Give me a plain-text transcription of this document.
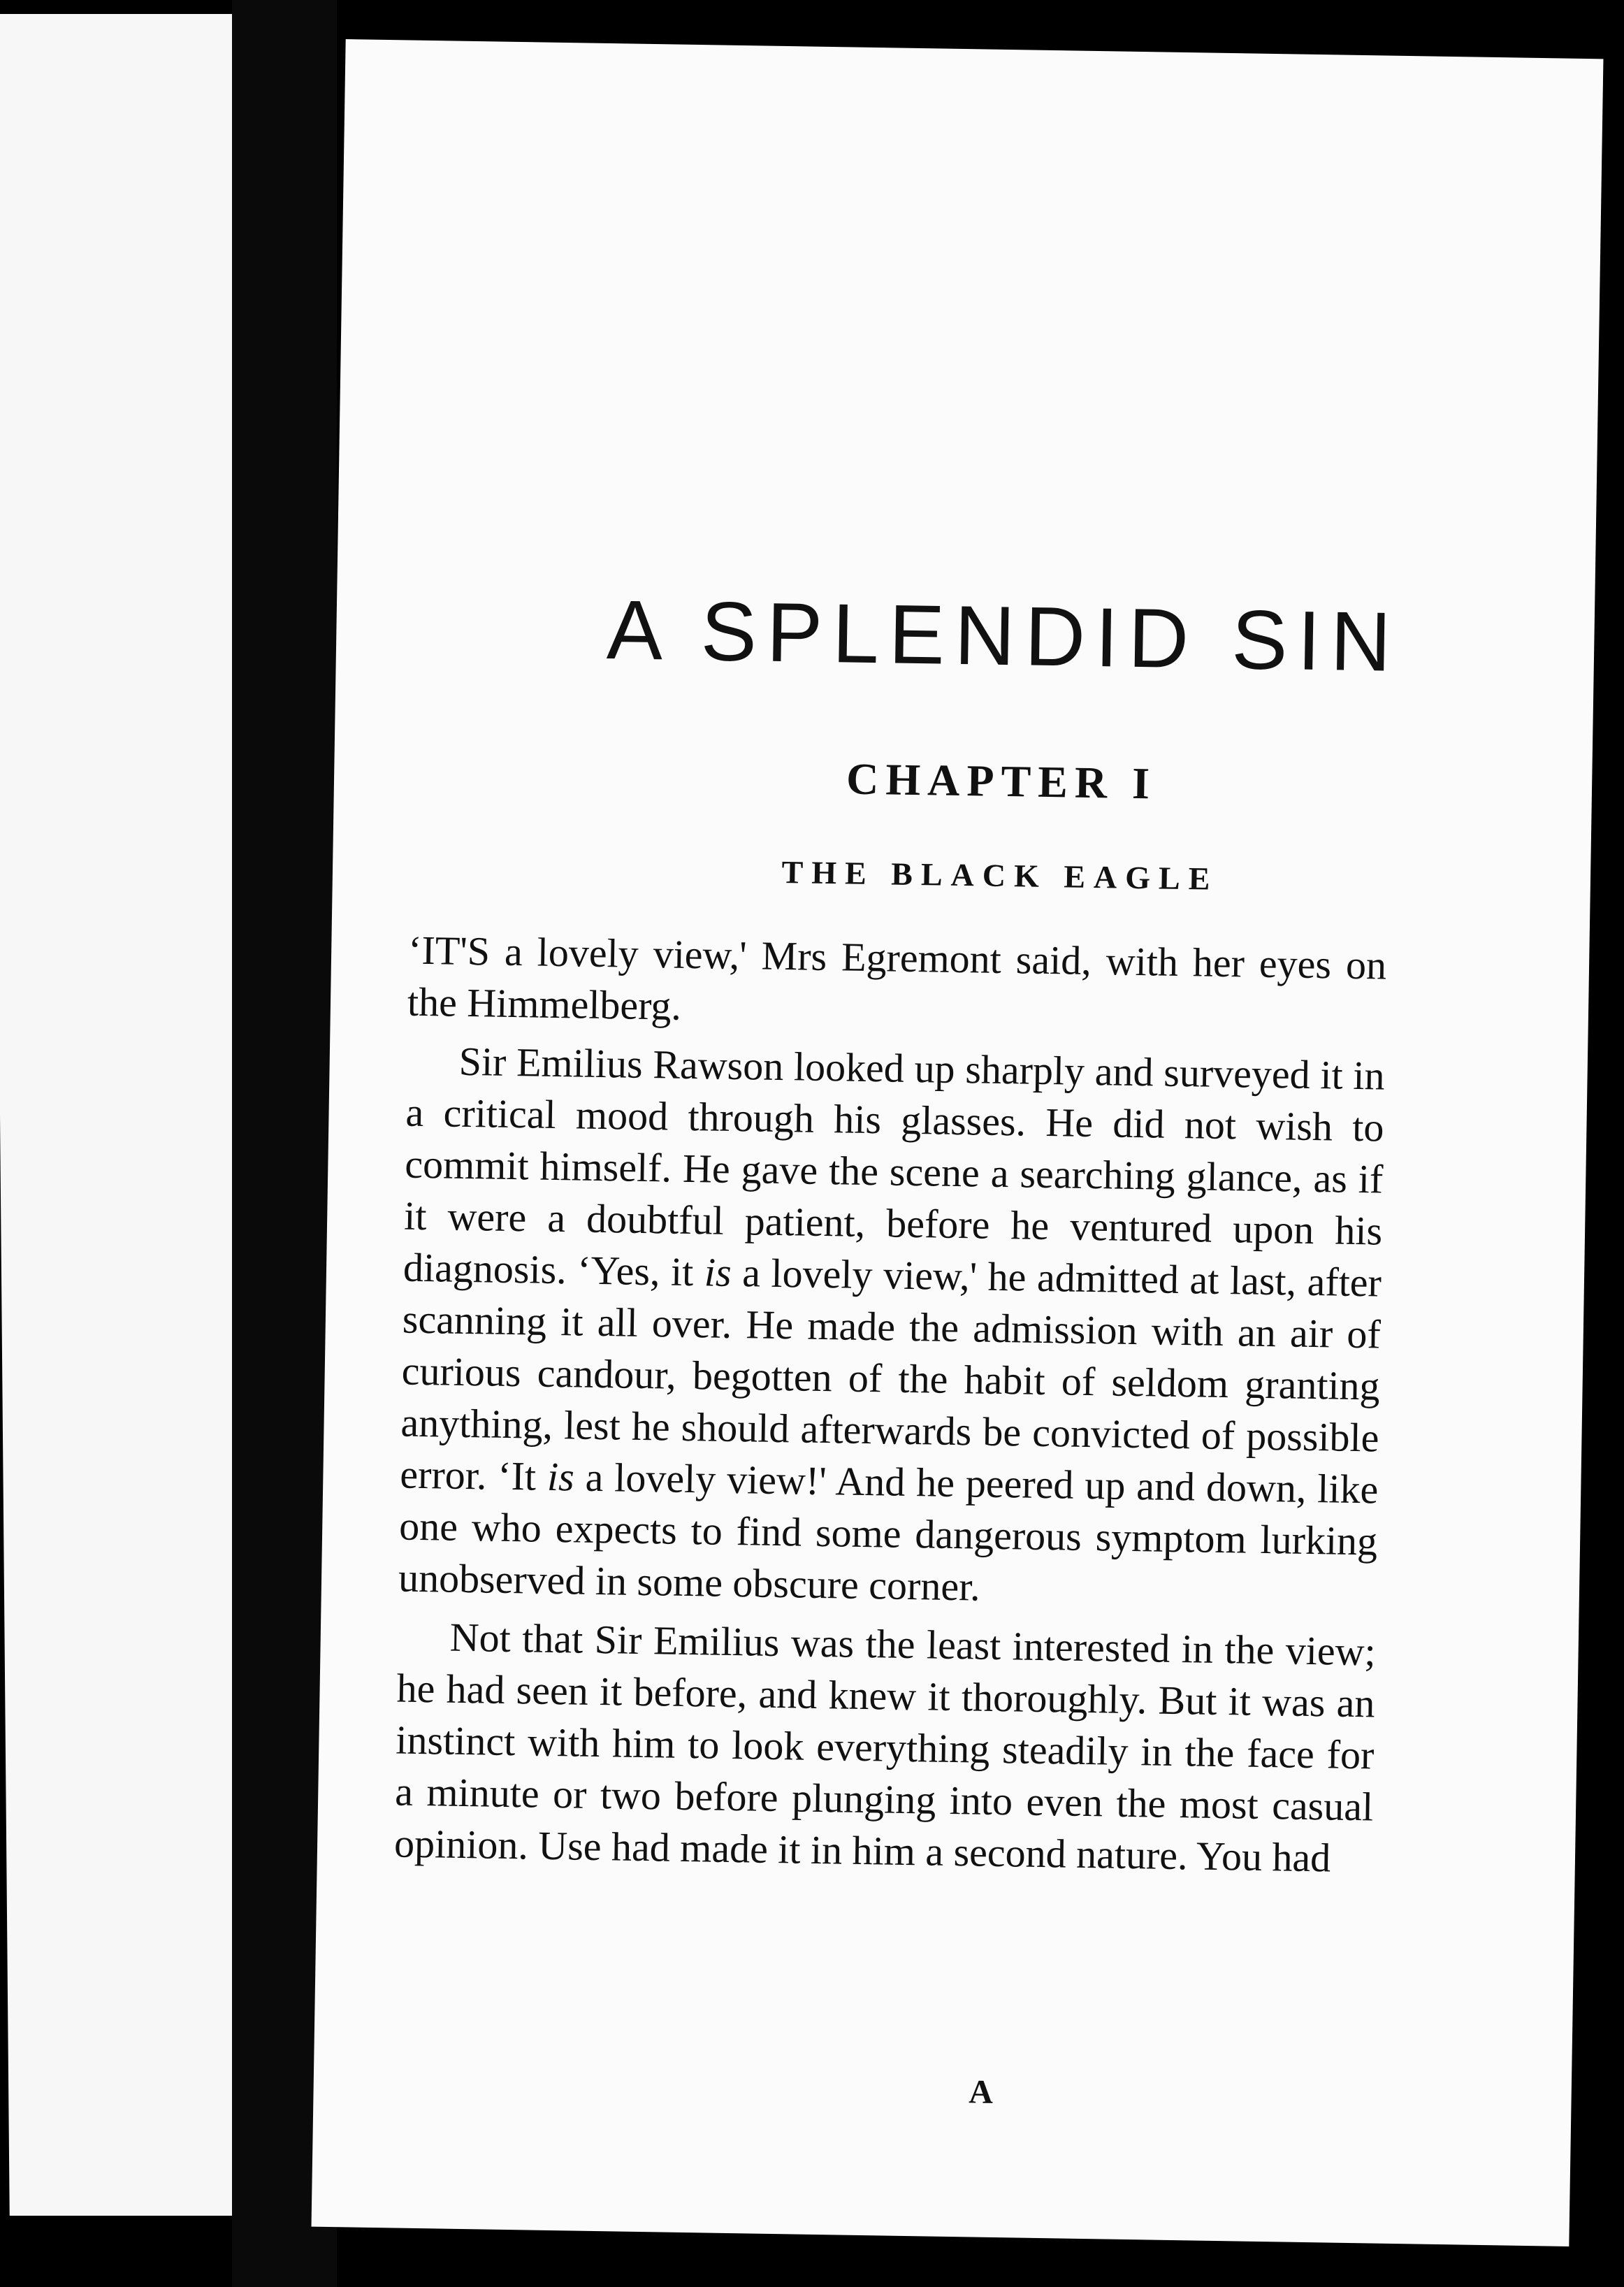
A SPLENDID SIN
CHAPTER I
THE BLACK EAGLE

‘IT'S a lovely view,' Mrs Egremont said, with her eyes on the Himmelberg.

Sir Emilius Rawson looked up sharply and surveyed it in a critical mood through his glasses. He did not wish to commit himself. He gave the scene a searching glance, as if it were a doubtful patient, before he ventured upon his diagnosis. ‘Yes, it is a lovely view,' he admitted at last, after scanning it all over. He made the admission with an air of curious candour, begotten of the habit of seldom granting anything, lest he should afterwards be convicted of possible error. ‘It is a lovely view!' And he peered up and down, like one who expects to find some dangerous symptom lurking unobserved in some obscure corner.

Not that Sir Emilius was the least interested in the view; he had seen it before, and knew it thoroughly. But it was an instinct with him to look everything steadily in the face for a minute or two before plunging into even the most casual opinion. Use had made it in him a second nature. You had

A
